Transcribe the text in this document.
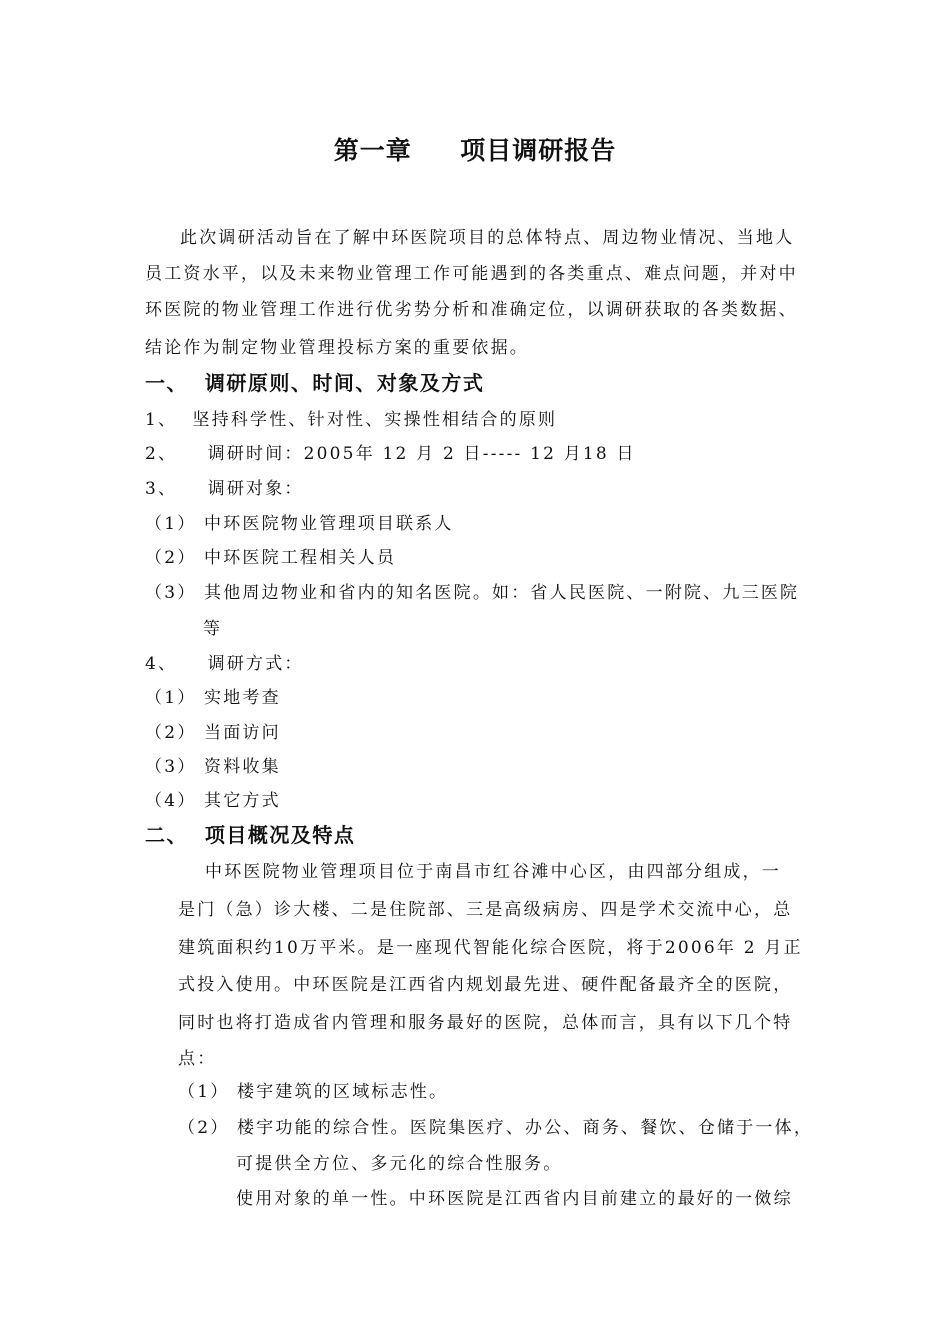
第一章     项目调研报告
此次调研活动旨在了解中环医院项目的总体特点、周边物业情况、当地人
员工资水平，以及未来物业管理工作可能遇到的各类重点、难点问题，并对中
环医院的物业管理工作进行优劣势分析和准确定位，以调研获取的各类数据、
结论作为制定物业管理投标方案的重要依据。
一、  调研原则、时间、对象及方式
1、  坚持科学性、针对性、实操性相结合的原则
2、    调研时间：2005年 12 月 2 日----- 12 月18 日
3、    调研对象：
（1） 中环医院物业管理项目联系人
（2） 中环医院工程相关人员
（3） 其他周边物业和省内的知名医院。如：省人民医院、一附院、九三医院
等
4、    调研方式：
（1） 实地考查
（2） 当面访问
（3） 资料收集
（4） 其它方式
二、  项目概况及特点
中环医院物业管理项目位于南昌市红谷滩中心区，由四部分组成，一
是门（急）诊大楼、二是住院部、三是高级病房、四是学术交流中心，总
建筑面积约10万平米。是一座现代智能化综合医院，将于2006年 2 月正
式投入使用。中环医院是江西省内规划最先进、硬件配备最齐全的医院，
同时也将打造成省内管理和服务最好的医院，总体而言，具有以下几个特
点：
（1） 楼宇建筑的区域标志性。
（2） 楼宇功能的综合性。医院集医疗、办公、商务、餐饮、仓储于一体，
可提供全方位、多元化的综合性服务。
使用对象的单一性。中环医院是江西省内目前建立的最好的一傚综
